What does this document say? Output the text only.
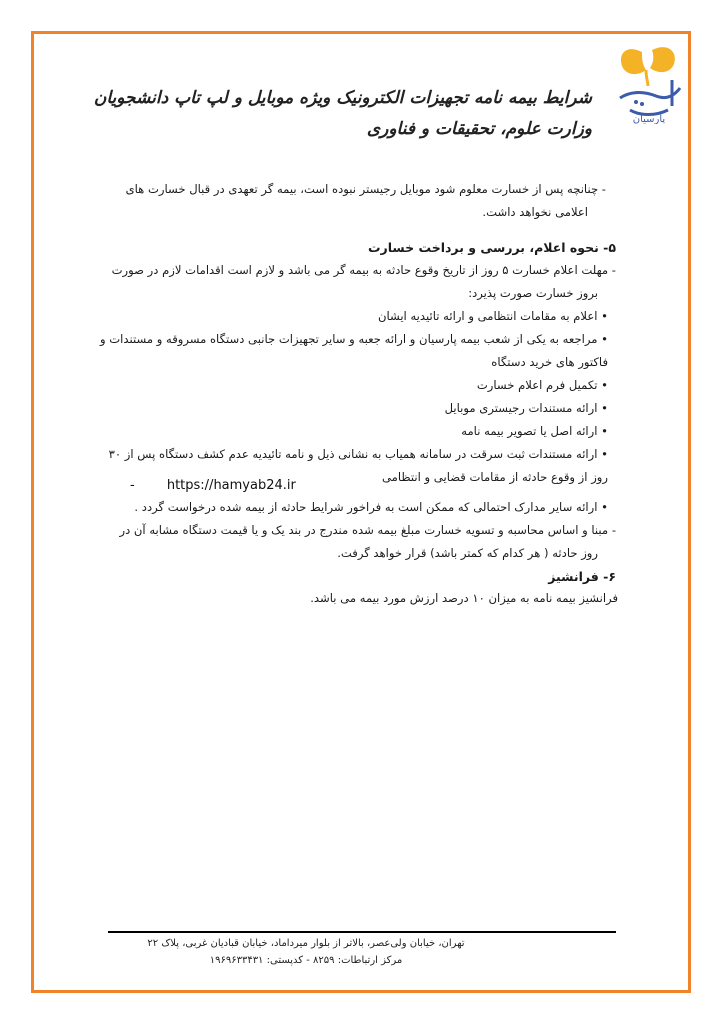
پارسیان
شرایط بیمه نامه تجهیزات الکترونیک ویژه موبایل و لپ تاپ دانشجویان
وزارت علوم، تحقیقات و فناوری
- چنانچه پس از خسارت معلوم شود موبایل رجیستر نبوده است، بیمه گر تعهدی در قبال خسارت های
اعلامی نخواهد داشت.
۵- نحوه اعلام، بررسی و برداخت خسارت
- مهلت اعلام خسارت ۵ روز از تاریخ وقوع حادثه به بیمه گر می باشد و لازم است اقدامات لازم در صورت
بروز خسارت صورت پذیرد:
• اعلام به مقامات انتظامی و ارائه تائیدیه ایشان
• مراجعه به یکی از شعب بیمه پارسیان و ارائه جعبه و سایر تجهیزات جانبی دستگاه مسروقه و مستندات و
فاکتور های خرید دستگاه
• تکمیل فرم اعلام خسارت
• ارائه مستندات رجیستری موبایل
• ارائه اصل یا تصویر بیمه نامه
• ارائه مستندات ثبت سرقت در سامانه همیاب به نشانی ذیل و نامه تائیدیه عدم کشف دستگاه پس از ۳۰
روز از وقوع حادثه از مقامات قضایی و انتظامی
- https://hamyab24.ir
• ارائه سایر مدارک احتمالی که ممکن است به فراخور شرایط حادثه از بیمه شده درخواست گردد .
- مبنا و اساس محاسبه و تسویه خسارت مبلغ بیمه شده مندرج در بند یک و یا قیمت دستگاه مشابه آن در
روز حادثه ( هر کدام که کمتر باشد) قرار خواهد گرفت.
۶- فرانشیز
فرانشیز بیمه نامه به میزان ۱۰ درصد ارزش مورد بیمه می باشد.
تهران، خیابان ولی‌عصر، بالاتر از بلوار میرداماد، خیابان قبادیان غربی، پلاک ۲۲
مرکز ارتباطات: ۸۲۵۹ - کدپستی: ۱۹۶۹۶۳۳۴۳۱
